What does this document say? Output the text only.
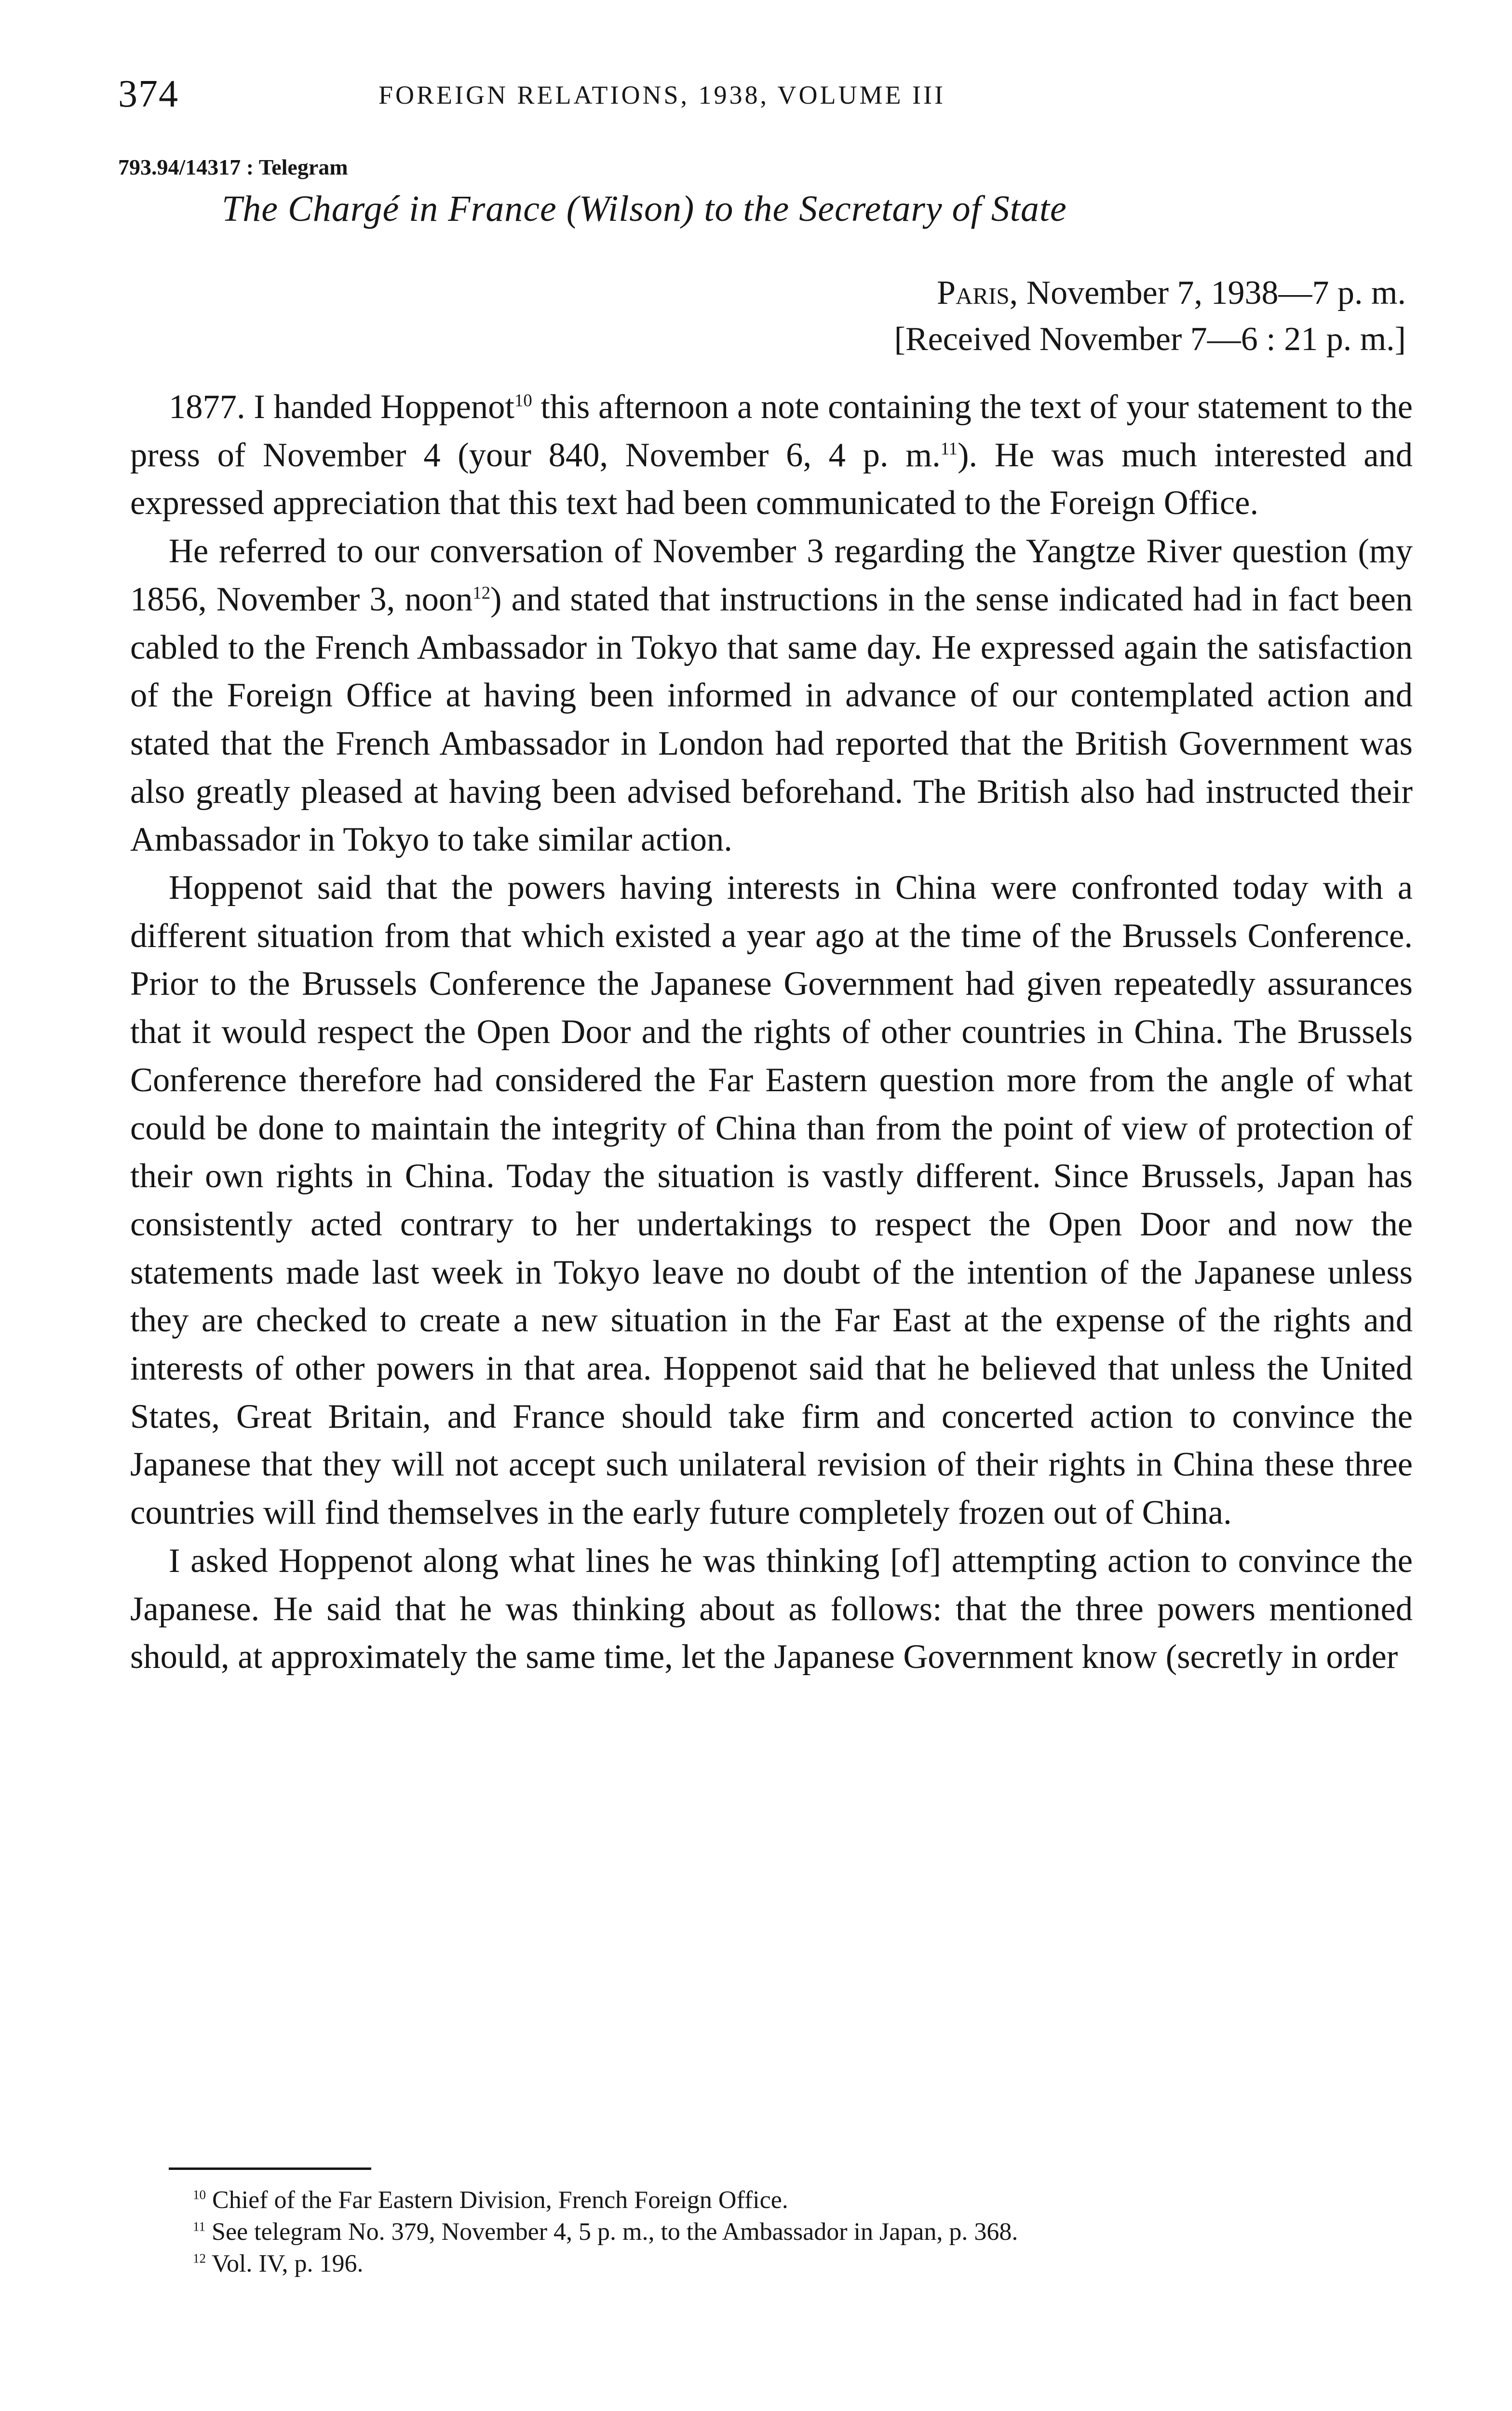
374	FOREIGN RELATIONS, 1938, VOLUME III
793.94/14317 : Telegram
The Chargé in France (Wilson) to the Secretary of State
Paris, November 7, 1938—7 p. m.
[Received November 7—6 : 21 p. m.]

1877. I handed Hoppenot$^{10}$ this afternoon a note containing the text of your statement to the press of November 4 (your 840, November 6, 4 p. m.$^{11}$). He was much interested and expressed appreciation that this text had been communicated to the Foreign Office.

He referred to our conversation of November 3 regarding the Yangtze River question (my 1856, November 3, noon$^{12}$) and stated that instructions in the sense indicated had in fact been cabled to the French Ambassador in Tokyo that same day. He expressed again the satisfaction of the Foreign Office at having been informed in advance of our contemplated action and stated that the French Ambassador in London had reported that the British Government was also greatly pleased at having been advised beforehand. The British also had instructed their Ambassador in Tokyo to take similar action.

Hoppenot said that the powers having interests in China were confronted today with a different situation from that which existed a year ago at the time of the Brussels Conference. Prior to the Brussels Conference the Japanese Government had given repeatedly assurances that it would respect the Open Door and the rights of other countries in China. The Brussels Conference therefore had considered the Far Eastern question more from the angle of what could be done to maintain the integrity of China than from the point of view of protection of their own rights in China. Today the situation is vastly different. Since Brussels, Japan has consistently acted contrary to her undertakings to respect the Open Door and now the statements made last week in Tokyo leave no doubt of the intention of the Japanese unless they are checked to create a new situation in the Far East at the expense of the rights and interests of other powers in that area. Hoppenot said that he believed that unless the United States, Great Britain, and France should take firm and concerted action to convince the Japanese that they will not accept such unilateral revision of their rights in China these three countries will find themselves in the early future completely frozen out of China.

I asked Hoppenot along what lines he was thinking [of] attempting action to convince the Japanese. He said that he was thinking about as follows: that the three powers mentioned should, at approximately the same time, let the Japanese Government know (secretly in order

$^{10}$ Chief of the Far Eastern Division, French Foreign Office.
$^{11}$ See telegram No. 379, November 4, 5 p. m., to the Ambassador in Japan, p. 368.
$^{12}$ Vol. IV, p. 196.
